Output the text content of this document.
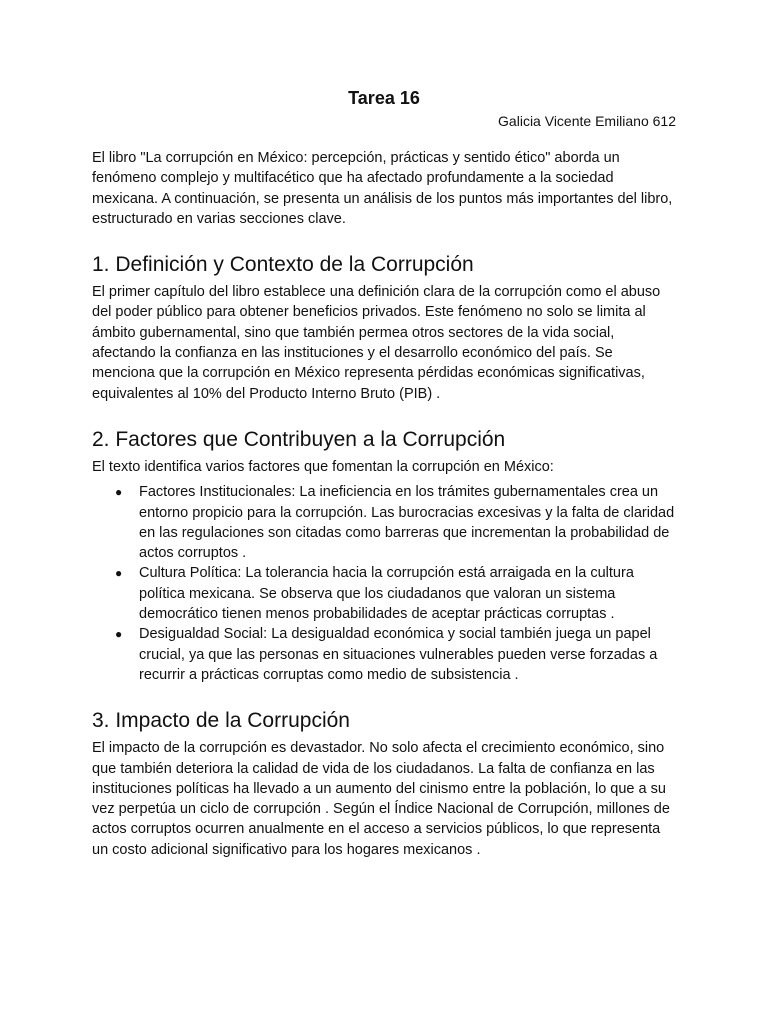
Tarea 16

Galicia Vicente Emiliano 612

El libro "La corrupción en México: percepción, prácticas y sentido ético" aborda un fenómeno complejo y multifacético que ha afectado profundamente a la sociedad mexicana. A continuación, se presenta un análisis de los puntos más importantes del libro, estructurado en varias secciones clave.

1. Definición y Contexto de la Corrupción

El primer capítulo del libro establece una definición clara de la corrupción como el abuso del poder público para obtener beneficios privados. Este fenómeno no solo se limita al ámbito gubernamental, sino que también permea otros sectores de la vida social, afectando la confianza en las instituciones y el desarrollo económico del país. Se menciona que la corrupción en México representa pérdidas económicas significativas, equivalentes al 10% del Producto Interno Bruto (PIB) .

2. Factores que Contribuyen a la Corrupción

El texto identifica varios factores que fomentan la corrupción en México:

● Factores Institucionales: La ineficiencia en los trámites gubernamentales crea un entorno propicio para la corrupción. Las burocracias excesivas y la falta de claridad en las regulaciones son citadas como barreras que incrementan la probabilidad de actos corruptos .
● Cultura Política: La tolerancia hacia la corrupción está arraigada en la cultura política mexicana. Se observa que los ciudadanos que valoran un sistema democrático tienen menos probabilidades de aceptar prácticas corruptas .
● Desigualdad Social: La desigualdad económica y social también juega un papel crucial, ya que las personas en situaciones vulnerables pueden verse forzadas a recurrir a prácticas corruptas como medio de subsistencia .
3. Impacto de la Corrupción

El impacto de la corrupción es devastador. No solo afecta el crecimiento económico, sino que también deteriora la calidad de vida de los ciudadanos. La falta de confianza en las instituciones políticas ha llevado a un aumento del cinismo entre la población, lo que a su vez perpetúa un ciclo de corrupción . Según el Índice Nacional de Corrupción, millones de actos corruptos ocurren anualmente en el acceso a servicios públicos, lo que representa un costo adicional significativo para los hogares mexicanos .
